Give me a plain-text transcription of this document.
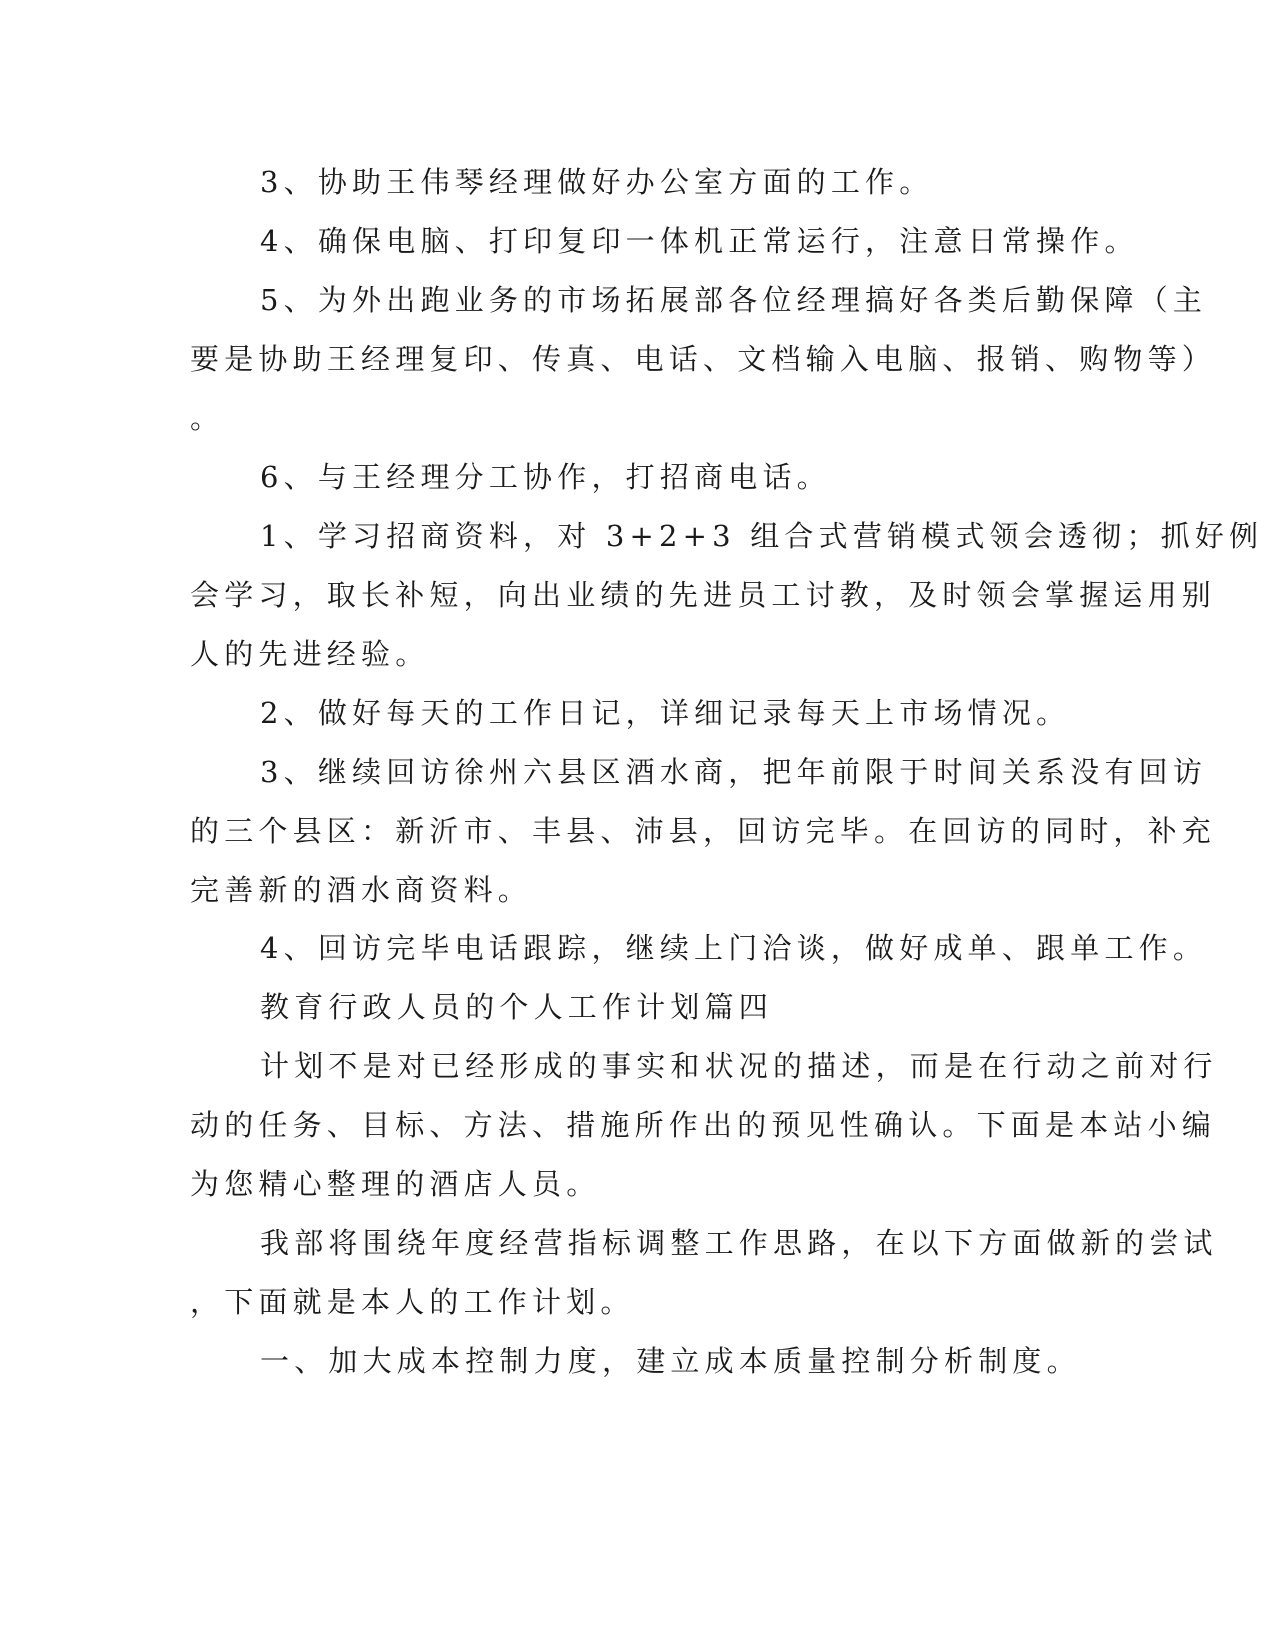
3、协助王伟琴经理做好办公室方面的工作。

4、确保电脑、打印复印一体机正常运行，注意日常操作。

5、为外出跑业务的市场拓展部各位经理搞好各类后勤保障（主

要是协助王经理复印、传真、电话、文档输入电脑、报销、购物等）

。

6、与王经理分工协作，打招商电话。

1、学习招商资料，对 3+2+3 组合式营销模式领会透彻；抓好例

会学习，取长补短，向出业绩的先进员工讨教，及时领会掌握运用别

人的先进经验。

2、做好每天的工作日记，详细记录每天上市场情况。

3、继续回访徐州六县区酒水商，把年前限于时间关系没有回访

的三个县区：新沂市、丰县、沛县，回访完毕。在回访的同时，补充

完善新的酒水商资料。

4、回访完毕电话跟踪，继续上门洽谈，做好成单、跟单工作。

教育行政人员的个人工作计划篇四

计划不是对已经形成的事实和状况的描述，而是在行动之前对行

动的任务、目标、方法、措施所作出的预见性确认。下面是本站小编

为您精心整理的酒店人员。

我部将围绕年度经营指标调整工作思路，在以下方面做新的尝试

，下面就是本人的工作计划。

一、加大成本控制力度，建立成本质量控制分析制度。
